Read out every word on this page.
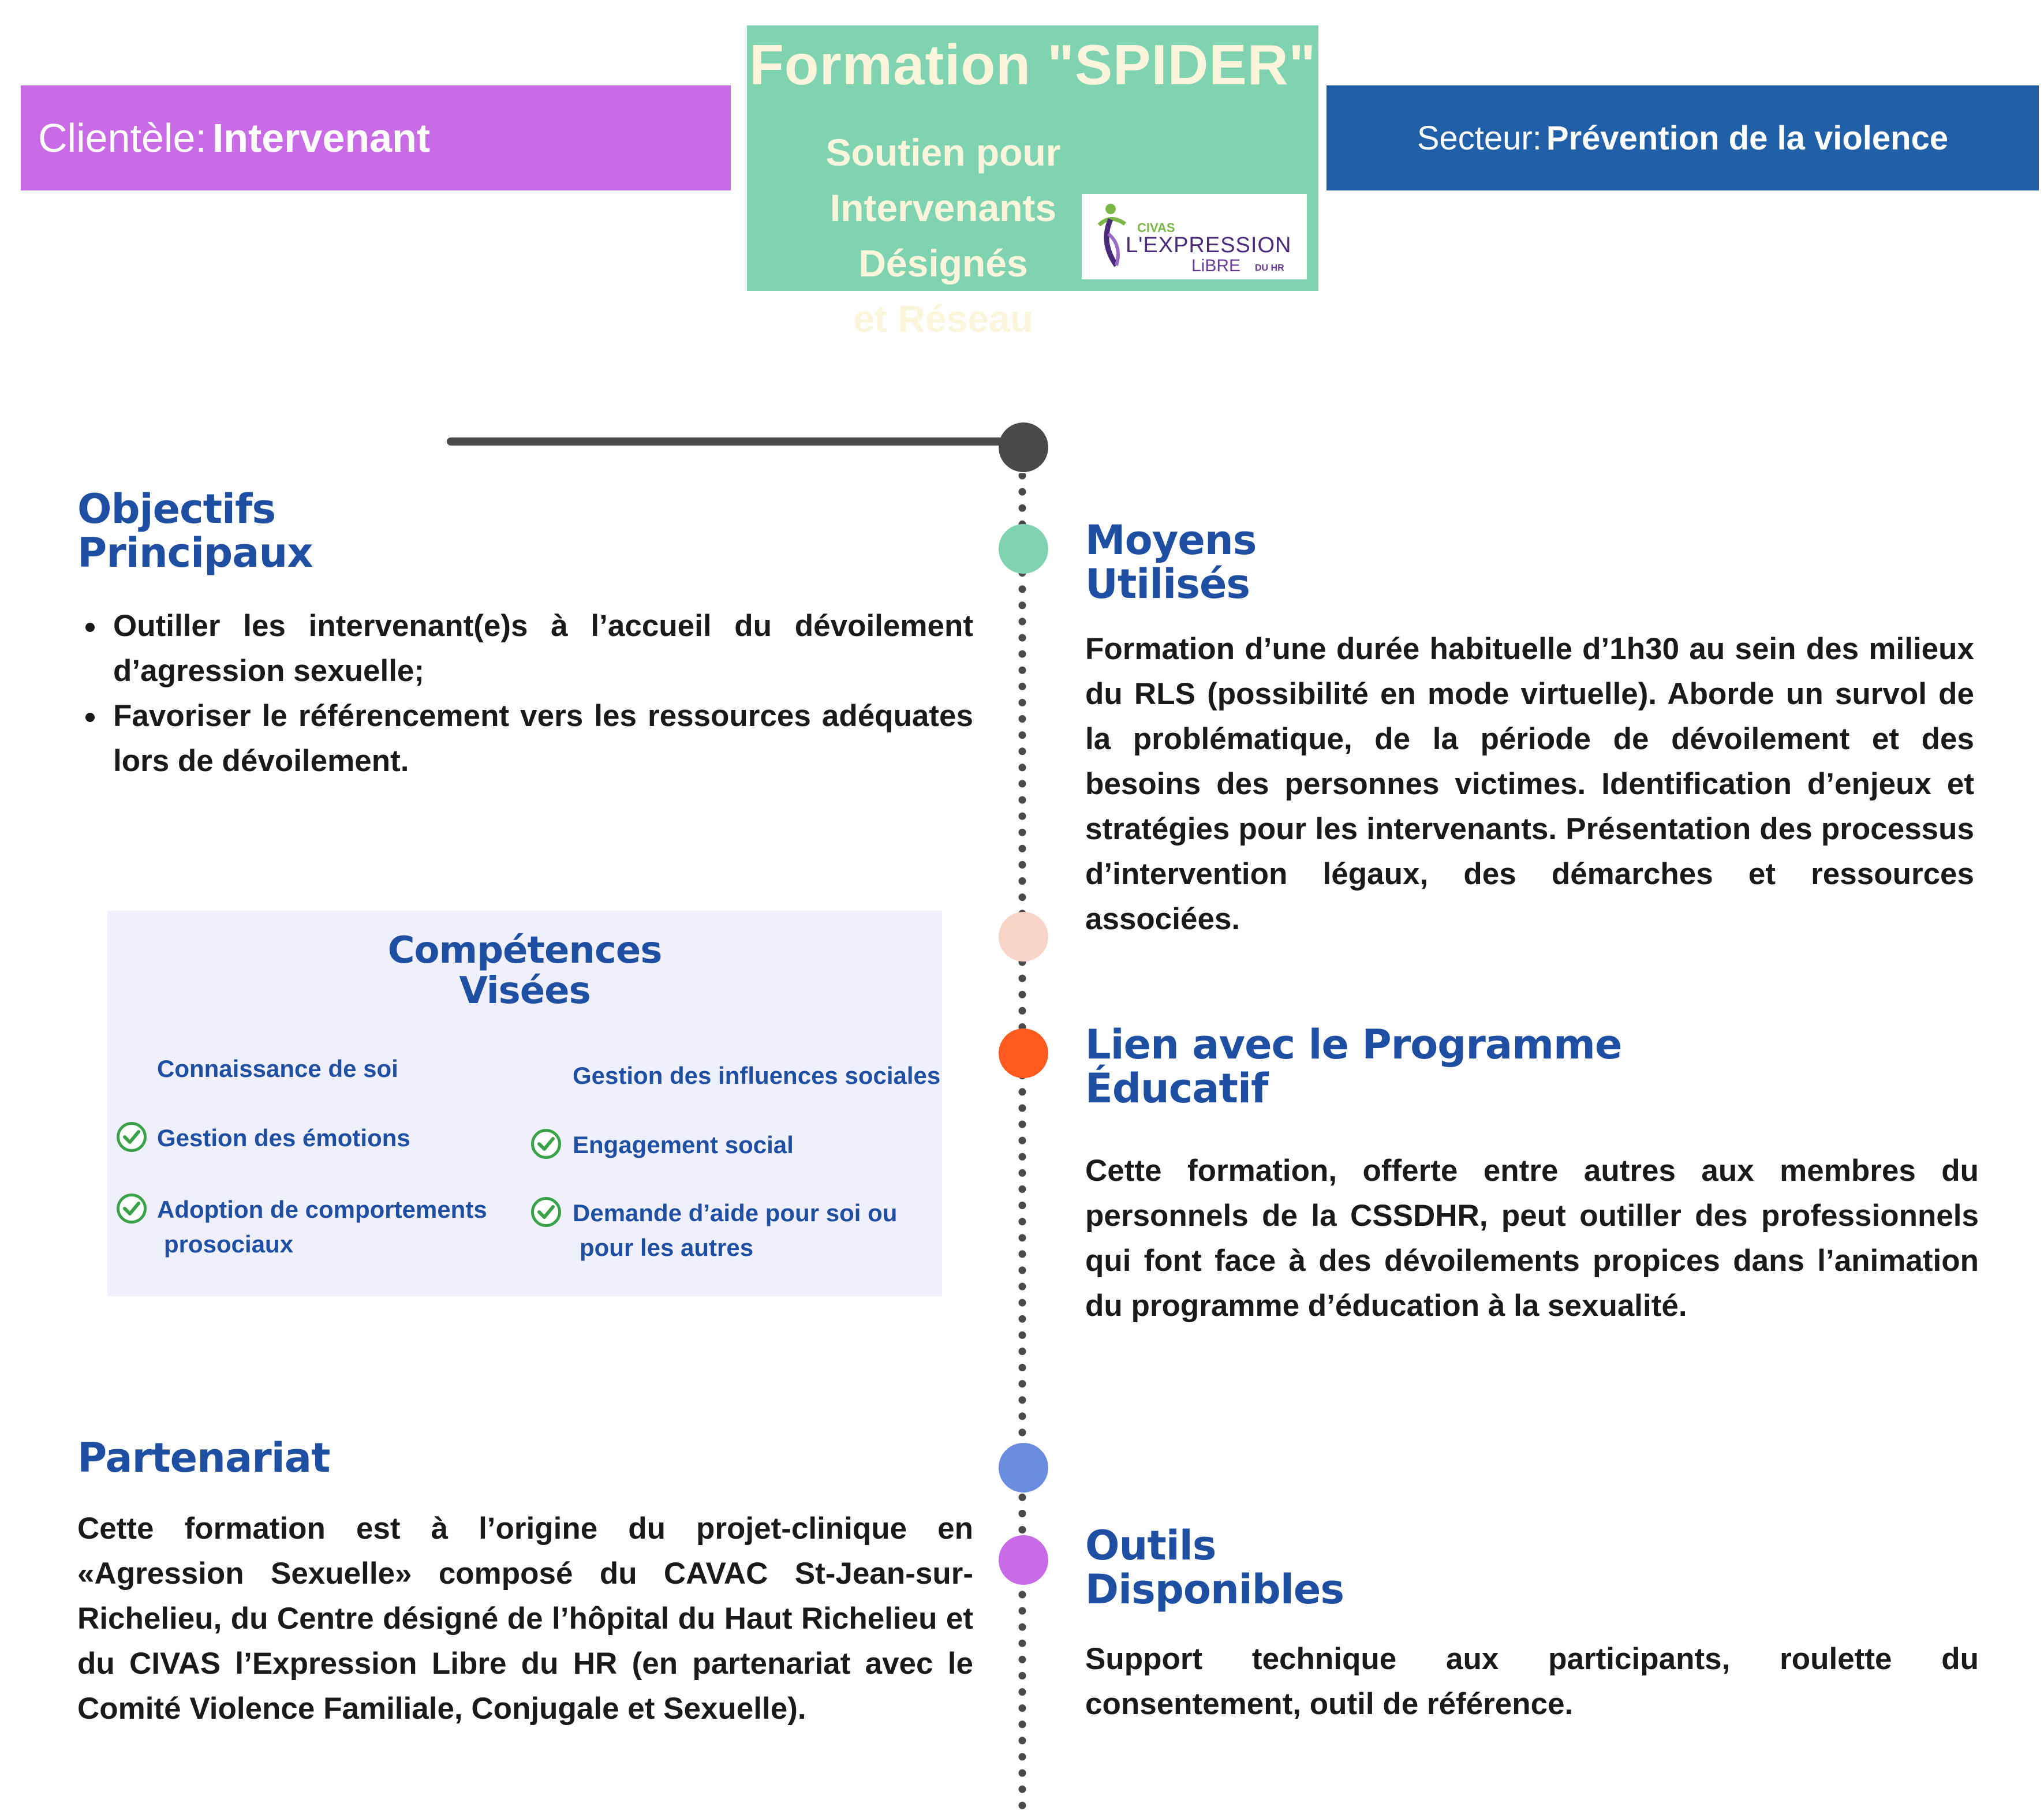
Clientèle: Intervenant
Formation "SPIDER"
Soutien pour
Intervenants Désignés
et Réseau
CIVAS
L'EXPRESSION
LiBRE DU HR
Secteur: Prévention de la violence
Objectifs
Principaux
• Outiller les intervenant(e)s à l’accueil du dévoilement d’agression sexuelle;
• Favoriser le référencement vers les ressources adéquates lors de dévoilement.
Compétences
Visées
Connaissance de soi
Gestion des émotions
Adoption de comportements
prosociaux
Gestion des influences sociales
Engagement social
Demande d’aide pour soi ou
pour les autres
Partenariat
Cette formation est à l’origine du projet-clinique en «Agression Sexuelle» composé du CAVAC St-Jean-sur-Richelieu, du Centre désigné de l’hôpital du Haut Richelieu et du CIVAS l’Expression Libre du HR (en partenariat avec le Comité Violence Familiale, Conjugale et Sexuelle).
Moyens
Utilisés
Formation d’une durée habituelle d’1h30 au sein des milieux du RLS (possibilité en mode virtuelle). Aborde un survol de la problématique, de la période de dévoilement et des besoins des personnes victimes. Identification d’enjeux et stratégies pour les intervenants. Présentation des processus d’intervention légaux, des démarches et ressources associées.
Lien avec le Programme
Éducatif
Cette formation, offerte entre autres aux membres du personnels de la CSSDHR, peut outiller des professionnels qui font face à des dévoilements propices dans l’animation du programme d’éducation à la sexualité.
Outils
Disponibles
Support technique aux participants, roulette du consentement, outil de référence.
